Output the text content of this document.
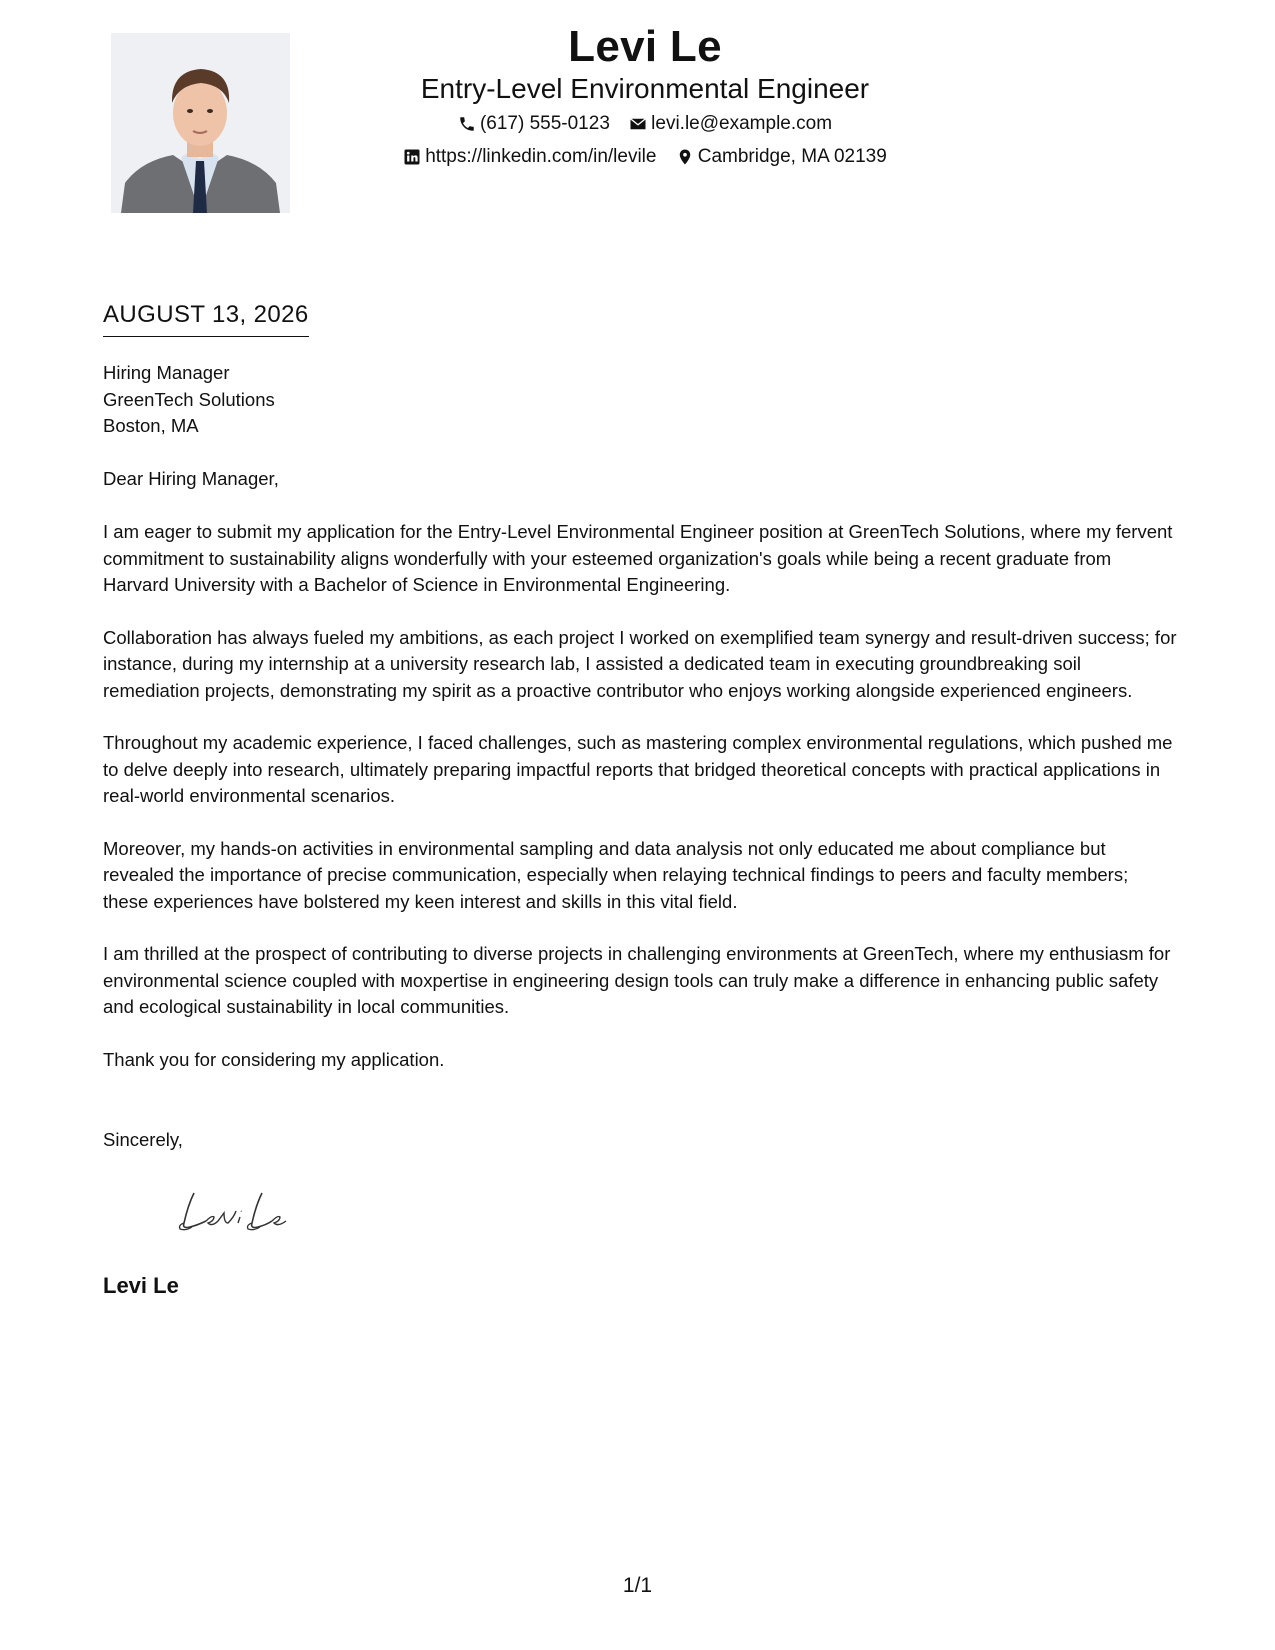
Levi Le
Entry-Level Environmental Engineer
(617) 555-0123
levi.le@example.com
https://linkedin.com/in/levile
Cambridge, MA 02139
AUGUST 13, 2026
Hiring Manager
GreenTech Solutions
Boston, MA
Dear Hiring Manager,

I am eager to submit my application for the Entry-Level Environmental Engineer position at GreenTech Solutions, where my fervent commitment to sustainability aligns wonderfully with your esteemed organization's goals while being a recent graduate from Harvard University with a Bachelor of Science in Environmental Engineering.

Collaboration has always fueled my ambitions, as each project I worked on exemplified team synergy and result-driven success; for instance, during my internship at a university research lab, I assisted a dedicated team in executing groundbreaking soil remediation projects, demonstrating my spirit as a proactive contributor who enjoys working alongside experienced engineers.

Throughout my academic experience, I faced challenges, such as mastering complex environmental regulations, which pushed me to delve deeply into research, ultimately preparing impactful reports that bridged theoretical concepts with practical applications in real-world environmental scenarios.

Moreover, my hands-on activities in environmental sampling and data analysis not only educated me about compliance but revealed the importance of precise communication, especially when relaying technical findings to peers and faculty members; these experiences have bolstered my keen interest and skills in this vital field.

I am thrilled at the prospect of contributing to diverse projects in challenging environments at GreenTech, where my enthusiasm for environmental science coupled with мoxpertise in engineering design tools can truly make a difference in enhancing public safety and ecological sustainability in local communities.

Thank you for considering my application.

Sincerely,
Levi Le
1/1
